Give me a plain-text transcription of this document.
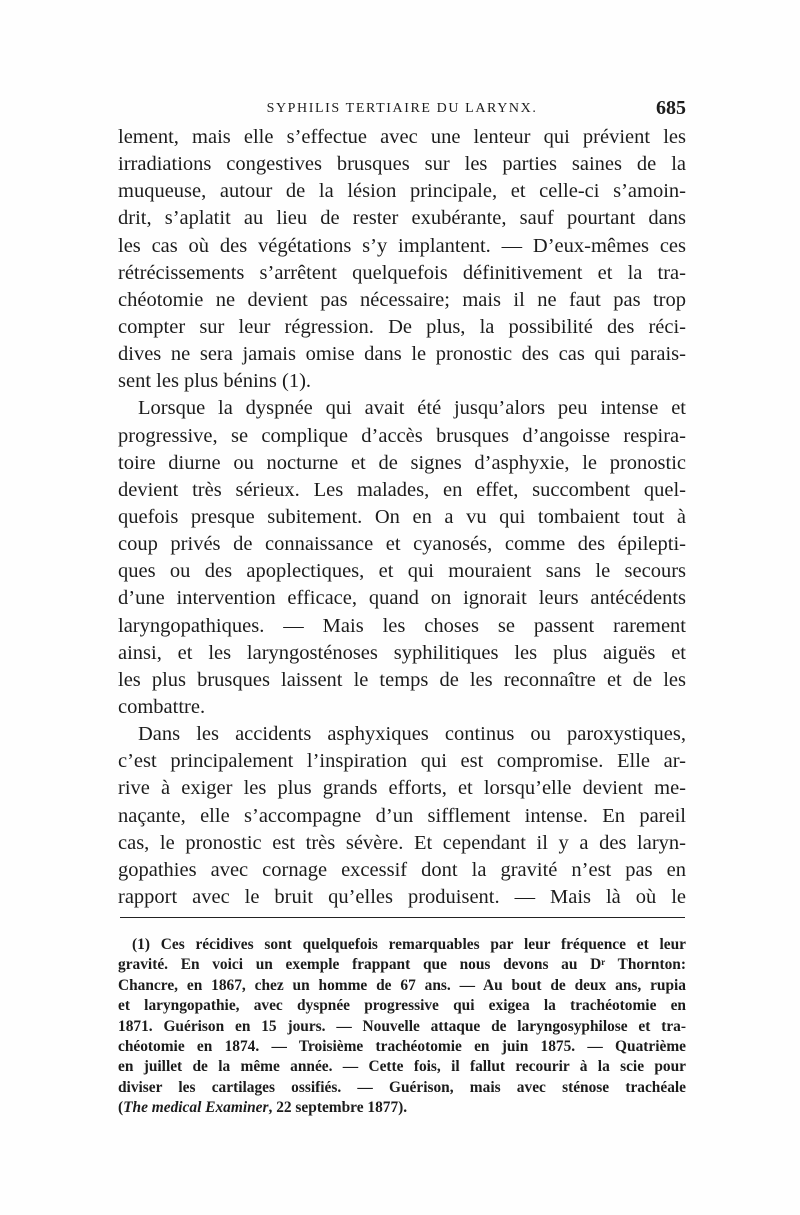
SYPHILIS TERTIAIRE DU LARYNX.	685
lement, mais elle s’effectue avec une lenteur qui prévient les
irradiations congestives brusques sur les parties saines de la
muqueuse, autour de la lésion principale, et celle-ci s’amoin-
drit, s’aplatit au lieu de rester exubérante, sauf pourtant dans
les cas où des végétations s’y implantent. — D’eux-mêmes ces
rétrécissements s’arrêtent quelquefois définitivement et la tra-
chéotomie ne devient pas nécessaire; mais il ne faut pas trop
compter sur leur régression. De plus, la possibilité des réci-
dives ne sera jamais omise dans le pronostic des cas qui parais-
sent les plus bénins (1).
Lorsque la dyspnée qui avait été jusqu’alors peu intense et
progressive, se complique d’accès brusques d’angoisse respira-
toire diurne ou nocturne et de signes d’asphyxie, le pronostic
devient très sérieux. Les malades, en effet, succombent quel-
quefois presque subitement. On en a vu qui tombaient tout à
coup privés de connaissance et cyanosés, comme des épilepti-
ques ou des apoplectiques, et qui mouraient sans le secours
d’une intervention efficace, quand on ignorait leurs antécédents
laryngopathiques. — Mais les choses se passent rarement
ainsi, et les laryngosténoses syphilitiques les plus aiguës et
les plus brusques laissent le temps de les reconnaître et de les
combattre.
Dans les accidents asphyxiques continus ou paroxystiques,
c’est principalement l’inspiration qui est compromise. Elle ar-
rive à exiger les plus grands efforts, et lorsqu’elle devient me-
naçante, elle s’accompagne d’un sifflement intense. En pareil
cas, le pronostic est très sévère. Et cependant il y a des laryn-
gopathies avec cornage excessif dont la gravité n’est pas en
rapport avec le bruit qu’elles produisent. — Mais là où le
(1) Ces récidives sont quelquefois remarquables par leur fréquence et leur
gravité. En voici un exemple frappant que nous devons au Dʳ Thornton:
Chancre, en 1867, chez un homme de 67 ans. — Au bout de deux ans, rupia
et laryngopathie, avec dyspnée progressive qui exigea la trachéotomie en
1871. Guérison en 15 jours. — Nouvelle attaque de laryngosyphilose et tra-
chéotomie en 1874. — Troisième trachéotomie en juin 1875. — Quatrième
en juillet de la même année. — Cette fois, il fallut recourir à la scie pour
diviser les cartilages ossifiés. — Guérison, mais avec sténose trachéale
(The medical Examiner, 22 septembre 1877).
